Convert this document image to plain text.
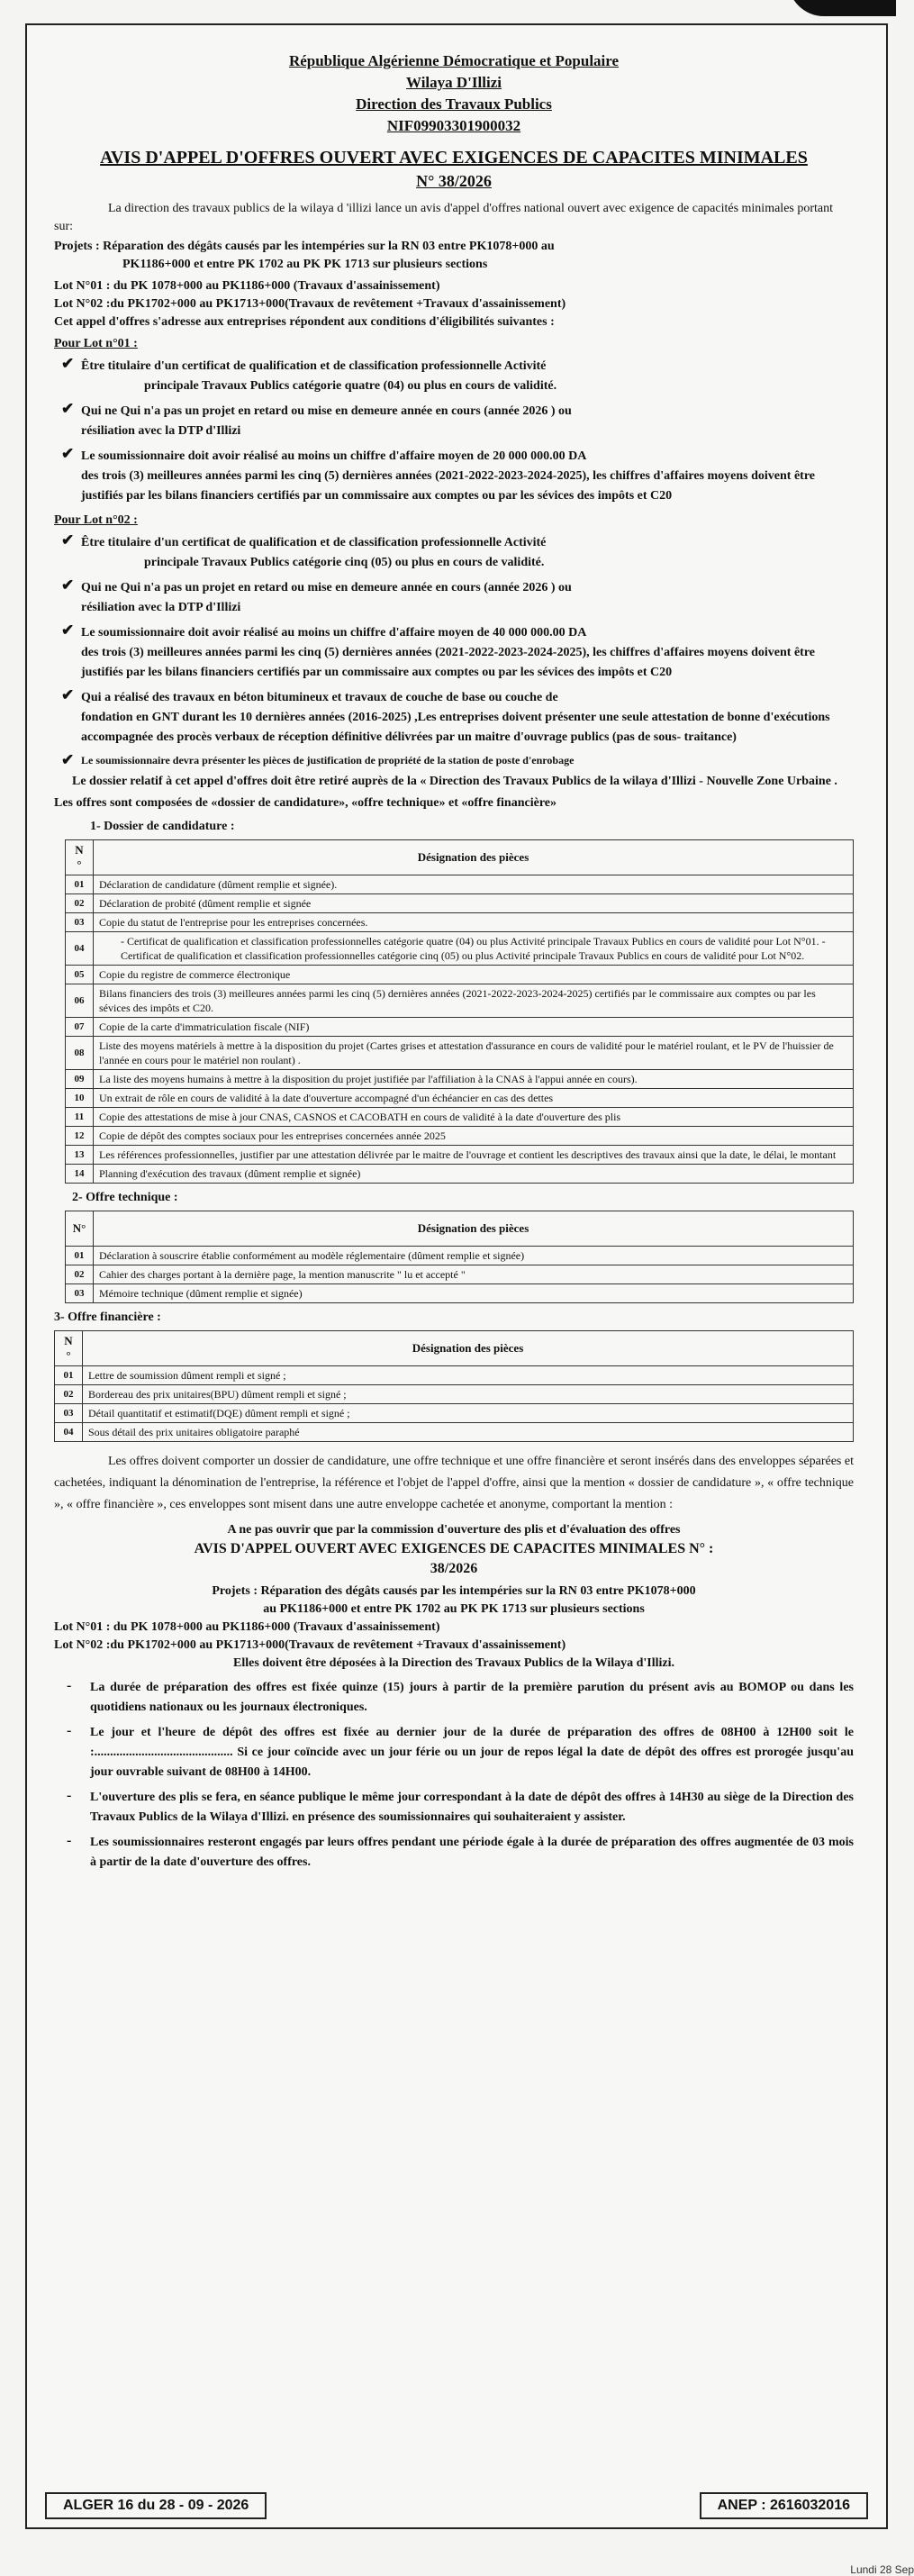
République Algérienne Démocratique et Populaire
Wilaya D'Illizi
Direction des Travaux Publics
NIF09903301900032
AVIS D'APPEL D'OFFRES OUVERT AVEC EXIGENCES DE CAPACITES MINIMALES
N° 38/2026

La direction des travaux publics de la wilaya d 'illizi lance un avis d'appel d'offres national ouvert avec exigence de capacités minimales portant sur:

Projets : Réparation des dégâts causés par les intempéries sur la RN 03 entre PK1078+000 au

PK1186+000 et entre PK 1702 au PK PK 1713 sur plusieurs sections

Lot N°01 : du PK 1078+000 au PK1186+000 (Travaux d'assainissement)

Lot N°02 :du PK1702+000 au PK1713+000(Travaux de revêtement +Travaux d'assainissement)

Cet appel d'offres s'adresse aux entreprises répondent aux conditions d'éligibilités suivantes :

Pour Lot n°01 :

✔ Être titulaire d'un certificat de qualification et de classification professionnelle Activité

principale Travaux Publics catégorie quatre (04) ou plus en cours de validité.

✔ Qui ne Qui n'a pas un projet en retard ou mise en demeure année en cours (année 2026 ) ou

résiliation avec la DTP d'Illizi

✔ Le soumissionnaire doit avoir réalisé au moins un chiffre d'affaire moyen de 20 000 000.00 DA

des trois (3) meilleures années parmi les cinq (5) dernières années (2021-2022-2023-2024-2025), les chiffres d'affaires moyens doivent être justifiés par les bilans financiers certifiés par un commissaire aux comptes ou par les sévices des impôts et C20

Pour Lot n°02 :

✔ Être titulaire d'un certificat de qualification et de classification professionnelle Activité

principale Travaux Publics catégorie cinq (05) ou plus en cours de validité.

✔ Qui ne Qui n'a pas un projet en retard ou mise en demeure année en cours (année 2026 ) ou

résiliation avec la DTP d'Illizi

✔ Le soumissionnaire doit avoir réalisé au moins un chiffre d'affaire moyen de 40 000 000.00 DA

des trois (3) meilleures années parmi les cinq (5) dernières années (2021-2022-2023-2024-2025), les chiffres d'affaires moyens doivent être justifiés par les bilans financiers certifiés par un commissaire aux comptes ou par les sévices des impôts et C20

✔ Qui a réalisé des travaux en béton bitumineux et travaux de couche de base ou couche de

fondation en GNT durant les 10 dernières années (2016-2025) ,Les entreprises doivent présenter une seule attestation de bonne d'exécutions accompagnée des procès verbaux de réception définitive délivrées par un maitre d'ouvrage publics (pas de sous- traitance)

✔ Le soumissionnaire devra présenter les pièces de justification de propriété de la station de poste d'enrobage

Le dossier relatif à cet appel d'offres doit être retiré auprès de la « Direction des Travaux Publics de la wilaya d'Illizi - Nouvelle Zone Urbaine .

Les offres sont composées de «dossier de candidature», «offre technique» et «offre financière»

1- Dossier de candidature :
N
°	Désignation des pièces
01	Déclaration de candidature (dûment remplie et signée).
02	Déclaration de probité (dûment remplie et signée
03	Copie du statut de l'entreprise pour les entreprises concernées.
04	- Certificat de qualification et classification professionnelles catégorie quatre (04) ou plus Activité principale Travaux Publics en cours de validité pour Lot N°01. - Certificat de qualification et classification professionnelles catégorie cinq (05) ou plus Activité principale Travaux Publics en cours de validité pour Lot N°02.
05	Copie du registre de commerce électronique
06	Bilans financiers des trois (3) meilleures années parmi les cinq (5) dernières années (2021-2022-2023-2024-2025) certifiés par le commissaire aux comptes ou par les sévices des impôts et C20.
07	Copie de la carte d'immatriculation fiscale (NIF)
08	Liste des moyens matériels à mettre à la disposition du projet (Cartes grises et attestation d'assurance en cours de validité pour le matériel roulant, et le PV de l'huissier de l'année en cours pour le matériel non roulant) .
09	La liste des moyens humains à mettre à la disposition du projet justifiée par l'affiliation à la CNAS à l'appui année en cours).
10	Un extrait de rôle en cours de validité à la date d'ouverture accompagné d'un échéancier en cas des dettes
11	Copie des attestations de mise à jour CNAS, CASNOS et CACOBATH en cours de validité à la date d'ouverture des plis
12	Copie de dépôt des comptes sociaux pour les entreprises concernées année 2025
13	Les références professionnelles, justifier par une attestation délivrée par le maitre de l'ouvrage et contient les descriptives des travaux ainsi que la date, le délai, le montant
14	Planning d'exécution des travaux (dûment remplie et signée)
2- Offre technique :
N°	Désignation des pièces
01	Déclaration à souscrire établie conformément au modèle réglementaire (dûment remplie et signée)
02	Cahier des charges portant à la dernière page, la mention manuscrite " lu et accepté "
03	Mémoire technique (dûment remplie et signée)
3- Offre financière :
N
°	Désignation des pièces
01	Lettre de soumission dûment rempli et signé ;
02	Bordereau des prix unitaires(BPU) dûment rempli et signé ;
03	Détail quantitatif et estimatif(DQE) dûment rempli et signé ;
04	Sous détail des prix unitaires obligatoire paraphé

Les offres doivent comporter un dossier de candidature, une offre technique et une offre financière et seront insérés dans des enveloppes séparées et cachetées, indiquant la dénomination de l'entreprise, la référence et l'objet de l'appel d'offre, ainsi que la mention « dossier de candidature », « offre technique », « offre financière », ces enveloppes sont misent dans une autre enveloppe cachetée et anonyme, comportant la mention :

A ne pas ouvrir que par la commission d'ouverture des plis et d'évaluation des offres

AVIS D'APPEL OUVERT AVEC EXIGENCES DE CAPACITES MINIMALES N° :

38/2026

Projets : Réparation des dégâts causés par les intempéries sur la RN 03 entre PK1078+000

au PK1186+000 et entre PK 1702 au PK PK 1713 sur plusieurs sections

Lot N°01 : du PK 1078+000 au PK1186+000 (Travaux d'assainissement)

Lot N°02 :du PK1702+000 au PK1713+000(Travaux de revêtement +Travaux d'assainissement)

Elles doivent être déposées à la Direction des Travaux Publics de la Wilaya d'Illizi.

- La durée de préparation des offres est fixée quinze (15) jours à partir de la première parution du présent avis au BOMOP ou dans les quotidiens nationaux ou les journaux électroniques.

- Le jour et l'heure de dépôt des offres est fixée au dernier jour de la durée de préparation des offres de 08H00 à 12H00 soit le :............................................ Si ce jour coïncide avec un jour férie ou un jour de repos légal la date de dépôt des offres est prorogée jusqu'au jour ouvrable suivant de 08H00 à 14H00.

- L'ouverture des plis se fera, en séance publique le même jour correspondant à la date de dépôt des offres à 14H30 au siège de la Direction des Travaux Publics de la Wilaya d'Illizi. en présence des soumissionnaires qui souhaiteraient y assister.

- Les soumissionnaires resteront engagés par leurs offres pendant une période égale à la durée de préparation des offres augmentée de 03 mois à partir de la date d'ouverture des offres.

ALGER 16 du 28 - 09 - 2026	ANEP : 2616032016
Lundi 28 Sep
